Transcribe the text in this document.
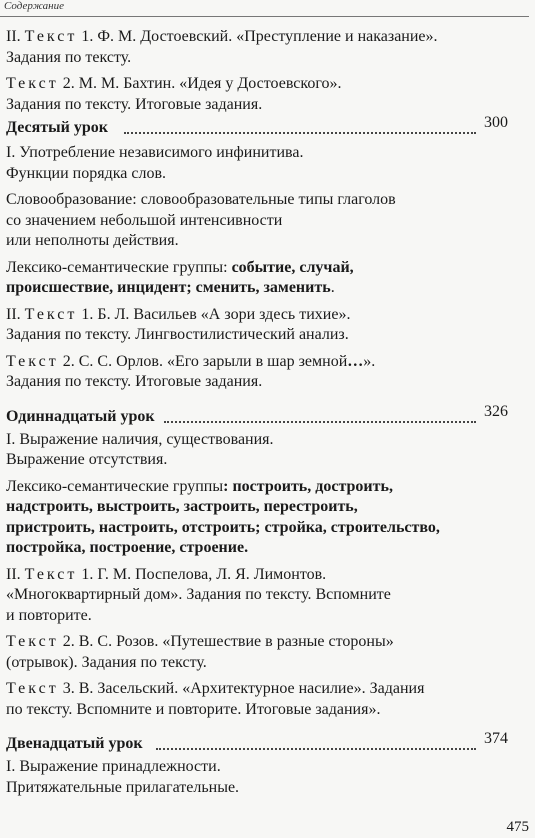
Содержание
II. Текст 1. Ф. М. Достоевский. «Преступление и наказание».
Задания по тексту.
Текст 2. М. М. Бахтин. «Идея у Достоевского».
Задания по тексту. Итоговые задания.
Десятый урок	300
I. Употребление независимого инфинитива.
Функции порядка слов.
Словообразование: словообразовательные типы глаголов
со значением небольшой интенсивности
или неполноты действия.
Лексико-семантические группы: событие, случай,
происшествие, инцидент; сменить, заменить.
II. Текст 1. Б. Л. Васильев «А зори здесь тихие».
Задания по тексту. Лингвостилистический анализ.
Текст 2. С. С. Орлов. «Его зарыли в шар земной…».
Задания по тексту. Итоговые задания.
Одиннадцатый урок	326
I. Выражение наличия, существования.
Выражение отсутствия.
Лексико-семантические группы: построить, достроить,
надстроить, выстроить, застроить, перестроить,
пристроить, настроить, отстроить; стройка, строительство,
постройка, построение, строение.
II. Текст 1. Г. М. Поспелова, Л. Я. Лимонтов.
«Многоквартирный дом». Задания по тексту. Вспомните
и повторите.
Текст 2. В. С. Розов. «Путешествие в разные стороны»
(отрывок). Задания по тексту.
Текст 3. В. Засельский. «Архитектурное насилие». Задания
по тексту. Вспомните и повторите. Итоговые задания».
Двенадцатый урок	374
I. Выражение принадлежности.
Притяжательные прилагательные.
475
